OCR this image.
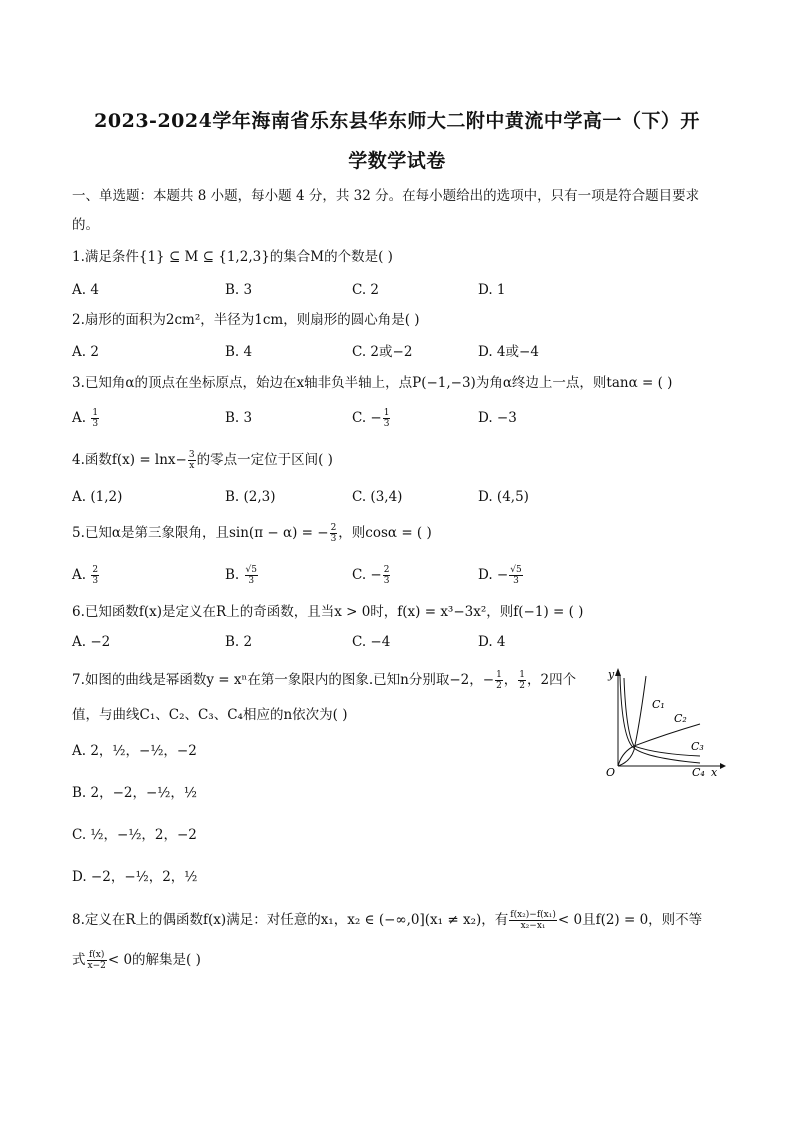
2023-2024学年海南省乐东县华东师大二附中黄流中学高一（下）开
学数学试卷
一、单选题：本题共 8 小题，每小题 4 分，共 32 分。在每小题给出的选项中，只有一项是符合题目要求
的。
1.满足条件{1} ⊆ M ⊆ {1,2,3}的集合M的个数是( )
A. 4	B. 3	C. 2	D. 1
2.扇形的面积为2cm²，半径为1cm，则扇形的圆心角是( )
A. 2	B. 4	C. 2或−2	D. 4或−4
3.已知角α的顶点在坐标原点，始边在x轴非负半轴上，点P(−1,−3)为角α终边上一点，则tanα = ( )
A. $\frac{1}{3}$	B. 3	C. − $\frac{1}{3}$	D. −3
4.函数$f(x) = \ln x- \frac{3}{x}$ 的零点一定位于区间( )
A. (1,2)	B. (2,3)	C. (3,4)	D. (4,5)
5.已知α是第三象限角，且sin(π − α) = − $\frac{2}{3}$ ，则cosα = ( )
A. $\frac{2}{3}$	B. $\frac{√5}{3}$	C. − $\frac{2}{3}$	D. − $\frac{√5}{3}$
6.已知函数f(x)是定义在R上的奇函数，且当x > 0时，f(x) = x³−3x²，则f(−1) = ( )
A. −2	B. 2	C. −4	D. 4
7.如图的曲线是幂函数y = xⁿ在第一象限内的图象.已知n分别取−2，− $\frac{1}{2}$ ， $\frac{1}{2}$ ，2四个
值，与曲线C₁、C₂、C₃、C₄相应的n依次为( )
A. 2，½，−½，−2
B. 2，−2，−½，½
C. ½，−½，2，−2
D. −2，−½，2，½
y
x
O
C₁
C₂
C₃
C₄
8.定义在R上的偶函数f(x)满足：对任意的x₁，x₂ ∈ (−∞,0](x₁ ≠ x₂)，有 $\frac{\text{f(x₂)−f(x₁)}}{\text{x₂−x₁}} < 0$且f(2) = 0，则不等
式 $\frac{f(x)}{x-2} < 0$的解集是( )
